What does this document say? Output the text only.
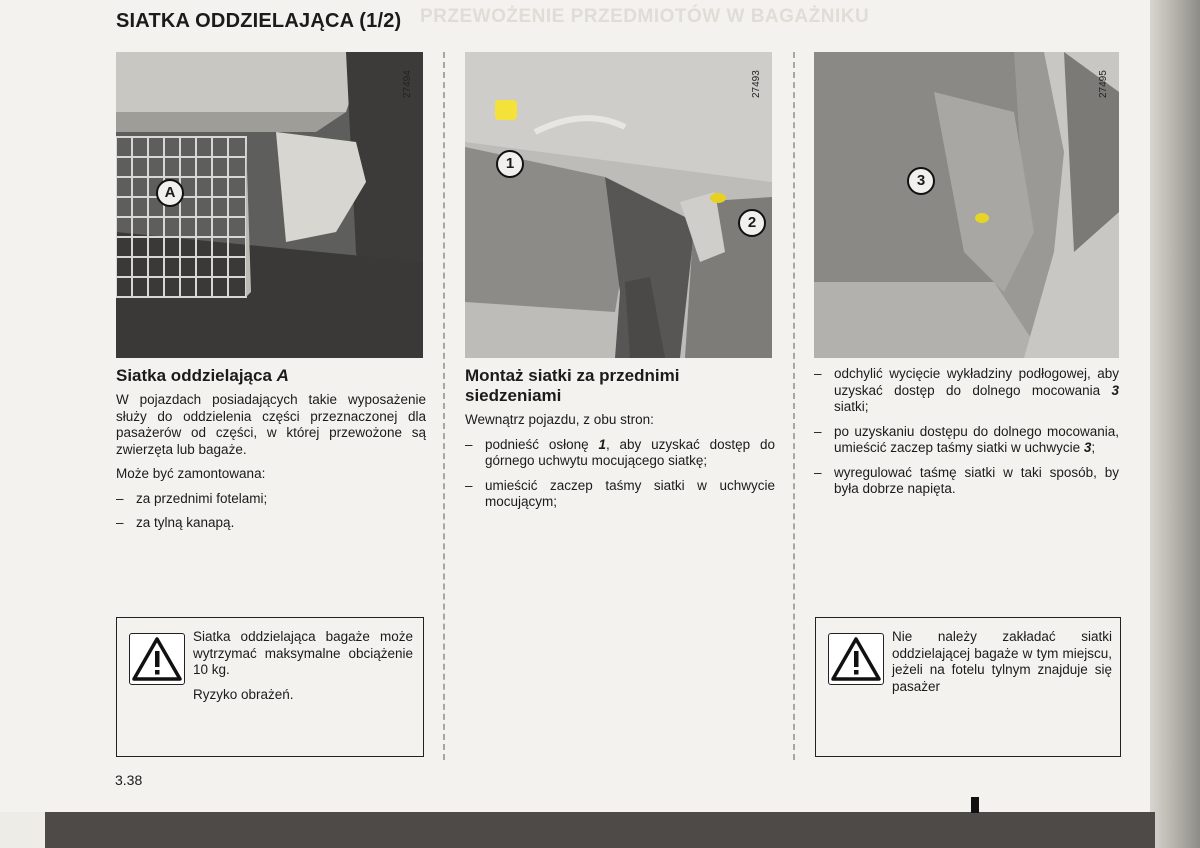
PRZEWOŻENIE PRZEDMIOTÓW W BAGAŻNIKU
SIATKA ODDZIELAJĄCA (1/2)
27494
A
27493
1
2
27495
3
Siatka oddzielająca A

W pojazdach posiadających takie wyposażenie służy do oddzielenia części przeznaczonej dla pasażerów od części, w której przewożone są zwierzęta lub bagaże.

Może być zamontowana:

– za przednimi fotelami;
– za tylną kanapą.

Siatka oddzielająca bagaże może wytrzymać maksymalne obciążenie 10 kg.

Ryzyko obrażeń.

Montaż siatki za przednimi siedzeniami

Wewnątrz pojazdu, z obu stron:

– podnieść osłonę 1, aby uzyskać dostęp do górnego uchwytu mocującego siatkę;
– umieścić zaczep taśmy siatki w uchwycie mocującym;
– odchylić wycięcie wykładziny podłogowej, aby uzyskać dostęp do dolnego mocowania 3 siatki;
– po uzyskaniu dostępu do dolnego mocowania, umieścić zaczep taśmy siatki w uchwycie 3;
– wyregulować taśmę siatki w taki sposób, by była dobrze napięta.
Nie należy zakładać siatki oddzielającej bagaże w tym miejscu, jeżeli na fotelu tylnym znajduje się pasażer
3.38
